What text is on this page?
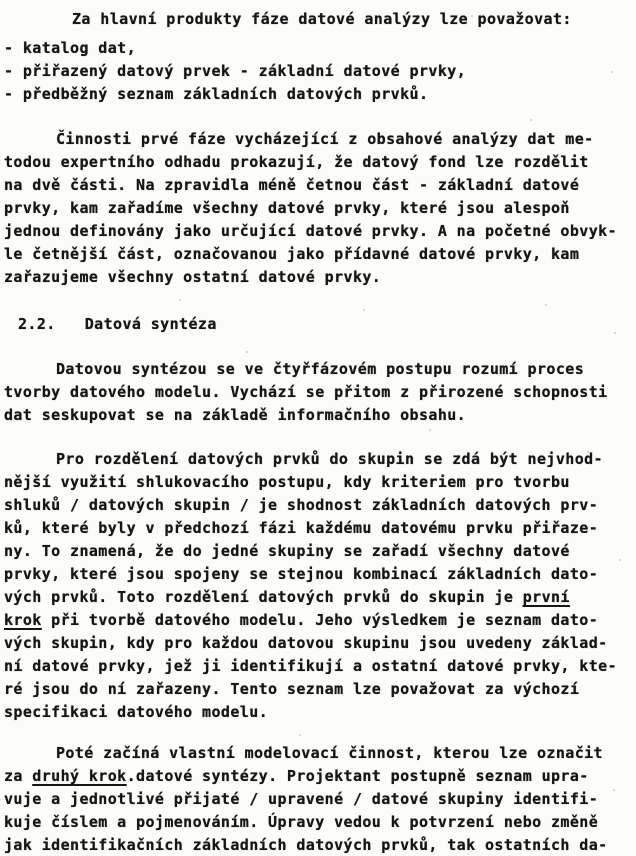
Za hlavní produkty fáze datové analýzy lze považovat:
- katalog dat,
- přiřazený datový prvek - základní datové prvky,
- předběžný seznam základních datových prvků.
Činnosti prvé fáze vycházející z obsahové analýzy dat me-
todou expertního odhadu prokazují, že datový fond lze rozdělit
na dvě části. Na zpravidla méně četnou část - základní datové
prvky, kam zařadíme všechny datové prvky, které jsou alespoň
jednou definovány jako určující datové prvky. A na početné obvyk-
le četnější část, označovanou jako přídavné datové prvky, kam
zařazujeme všechny ostatní datové prvky.
2.2. Datová syntéza
Datovou syntézou se ve čtyřfázovém postupu rozumí proces
tvorby datového modelu. Vychází se přitom z přirozené schopnosti
dat seskupovat se na základě informačního obsahu.
Pro rozdělení datových prvků do skupin se zdá být nejvhod-
nější využití shlukovacího postupu, kdy kriteriem pro tvorbu
shluků / datových skupin / je shodnost základních datových prv-
ků, které byly v předchozí fázi každému datovému prvku přiřaze-
ny. To znamená, že do jedné skupiny se zařadí všechny datové
prvky, které jsou spojeny se stejnou kombinací základních dato-
vých prvků. Toto rozdělení datových prvků do skupin je první
krok při tvorbě datového modelu. Jeho výsledkem je seznam dato-
vých skupin, kdy pro každou datovou skupinu jsou uvedeny základ-
ní datové prvky, jež ji identifikují a ostatní datové prvky, kte-
ré jsou do ní zařazeny. Tento seznam lze považovat za výchozí
specifikaci datového modelu.
Poté začíná vlastní modelovací činnost, kterou lze označit
za druhý krok.datové syntézy. Projektant postupně seznam upra-
vuje a jednotlivé přijaté / upravené / datové skupiny identifi-
kuje číslem a pojmenováním. Úpravy vedou k potvrzení nebo změně
jak identifikačních základních datových prvků, tak ostatních da-
